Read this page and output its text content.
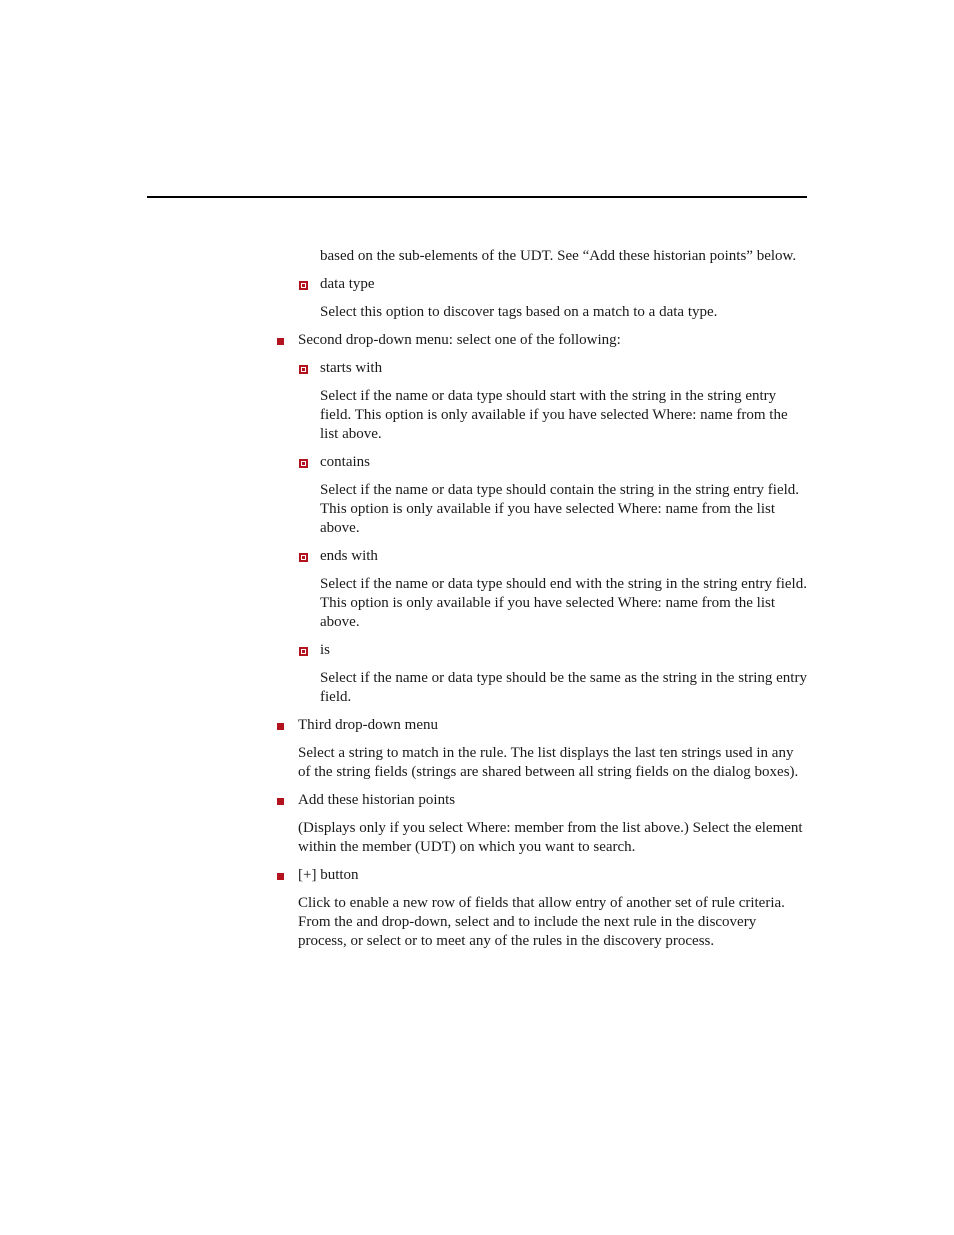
based on the sub-elements of the UDT. See “Add these historian points” below.

data type

Select this option to discover tags based on a match to a data type.

Second drop-down menu: select one of the following:

starts with

Select if the name or data type should start with the string in the string entry field. This option is only available if you have selected Where: name from the list above.

contains

Select if the name or data type should contain the string in the string entry field. This option is only available if you have selected Where: name from the list above.

ends with

Select if the name or data type should end with the string in the string entry field. This option is only available if you have selected Where: name from the list above.

is

Select if the name or data type should be the same as the string in the string entry field.

Third drop-down menu

Select a string to match in the rule. The list displays the last ten strings used in any of the string fields (strings are shared between all string fields on the dialog boxes).

Add these historian points

(Displays only if you select Where: member from the list above.) Select the element within the member (UDT) on which you want to search.

[+] button

Click to enable a new row of fields that allow entry of another set of rule criteria. From the and drop-down, select and to include the next rule in the discovery process, or select or to meet any of the rules in the discovery process.
